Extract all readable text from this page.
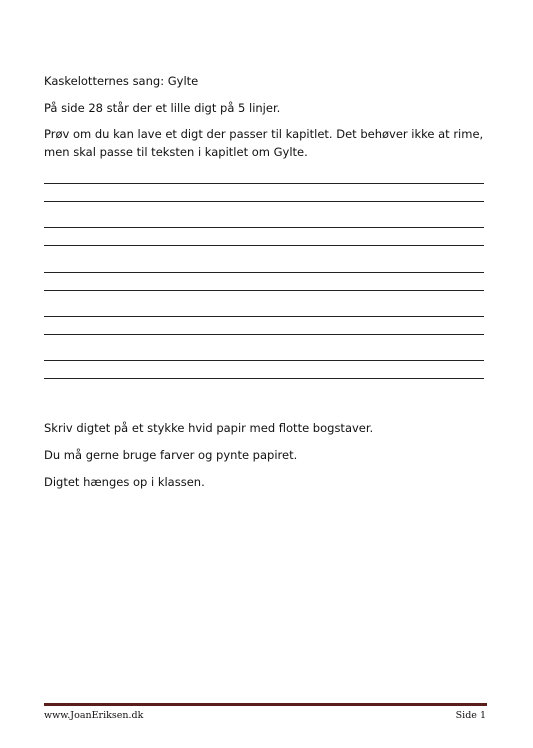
Kaskelotternes sang: Gylte
På side 28 står der et lille digt på 5 linjer.
Prøv om du kan lave et digt der passer til kapitlet. Det behøver ikke at rime, men skal passe til teksten i kapitlet om Gylte.
Skriv digtet på et stykke hvid papir med flotte bogstaver.
Du må gerne bruge farver og pynte papiret.
Digtet hænges op i klassen.
www.JoanEriksen.dk	Side 1
